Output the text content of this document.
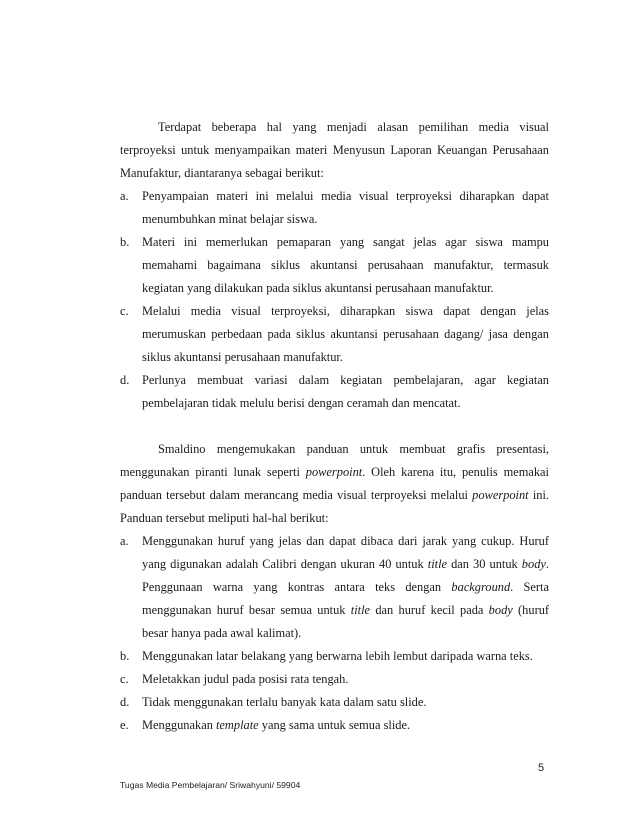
Terdapat beberapa hal yang menjadi alasan pemilihan media visual
terproyeksi untuk menyampaikan materi Menyusun Laporan Keuangan Perusahaan
Manufaktur, diantaranya sebagai berikut:
a.	Penyampaian materi ini melalui media visual terproyeksi diharapkan dapat
menumbuhkan minat belajar siswa.
b.	Materi ini memerlukan pemaparan yang sangat jelas agar siswa mampu
memahami bagaimana siklus akuntansi perusahaan manufaktur, termasuk
kegiatan yang dilakukan pada siklus akuntansi perusahaan manufaktur.
c.	Melalui media visual terproyeksi, diharapkan siswa dapat dengan jelas
merumuskan perbedaan pada siklus akuntansi perusahaan dagang/ jasa dengan
siklus akuntansi perusahaan manufaktur.
d.	Perlunya membuat variasi dalam kegiatan pembelajaran, agar kegiatan
pembelajaran tidak melulu berisi dengan ceramah dan mencatat.
Smaldino mengemukakan panduan untuk membuat grafis presentasi,
menggunakan piranti lunak seperti powerpoint. Oleh karena itu, penulis memakai
panduan tersebut dalam merancang media visual terproyeksi melalui powerpoint ini.
Panduan tersebut meliputi hal-hal berikut:
a.	Menggunakan huruf yang jelas dan dapat dibaca dari jarak yang cukup. Huruf
yang digunakan adalah Calibri dengan ukuran 40 untuk title dan 30 untuk body.
Penggunaan warna yang kontras antara teks dengan background. Serta
menggunakan huruf besar semua untuk title dan huruf kecil pada body (huruf
besar hanya pada awal kalimat).
b.	Menggunakan latar belakang yang berwarna lebih lembut daripada warna teks.
c.	Meletakkan judul pada posisi rata tengah.
d.	Tidak menggunakan terlalu banyak kata dalam satu slide.
e.	Menggunakan template yang sama untuk semua slide.
5
Tugas Media Pembelajaran/ Sriwahyuni/ 59904
